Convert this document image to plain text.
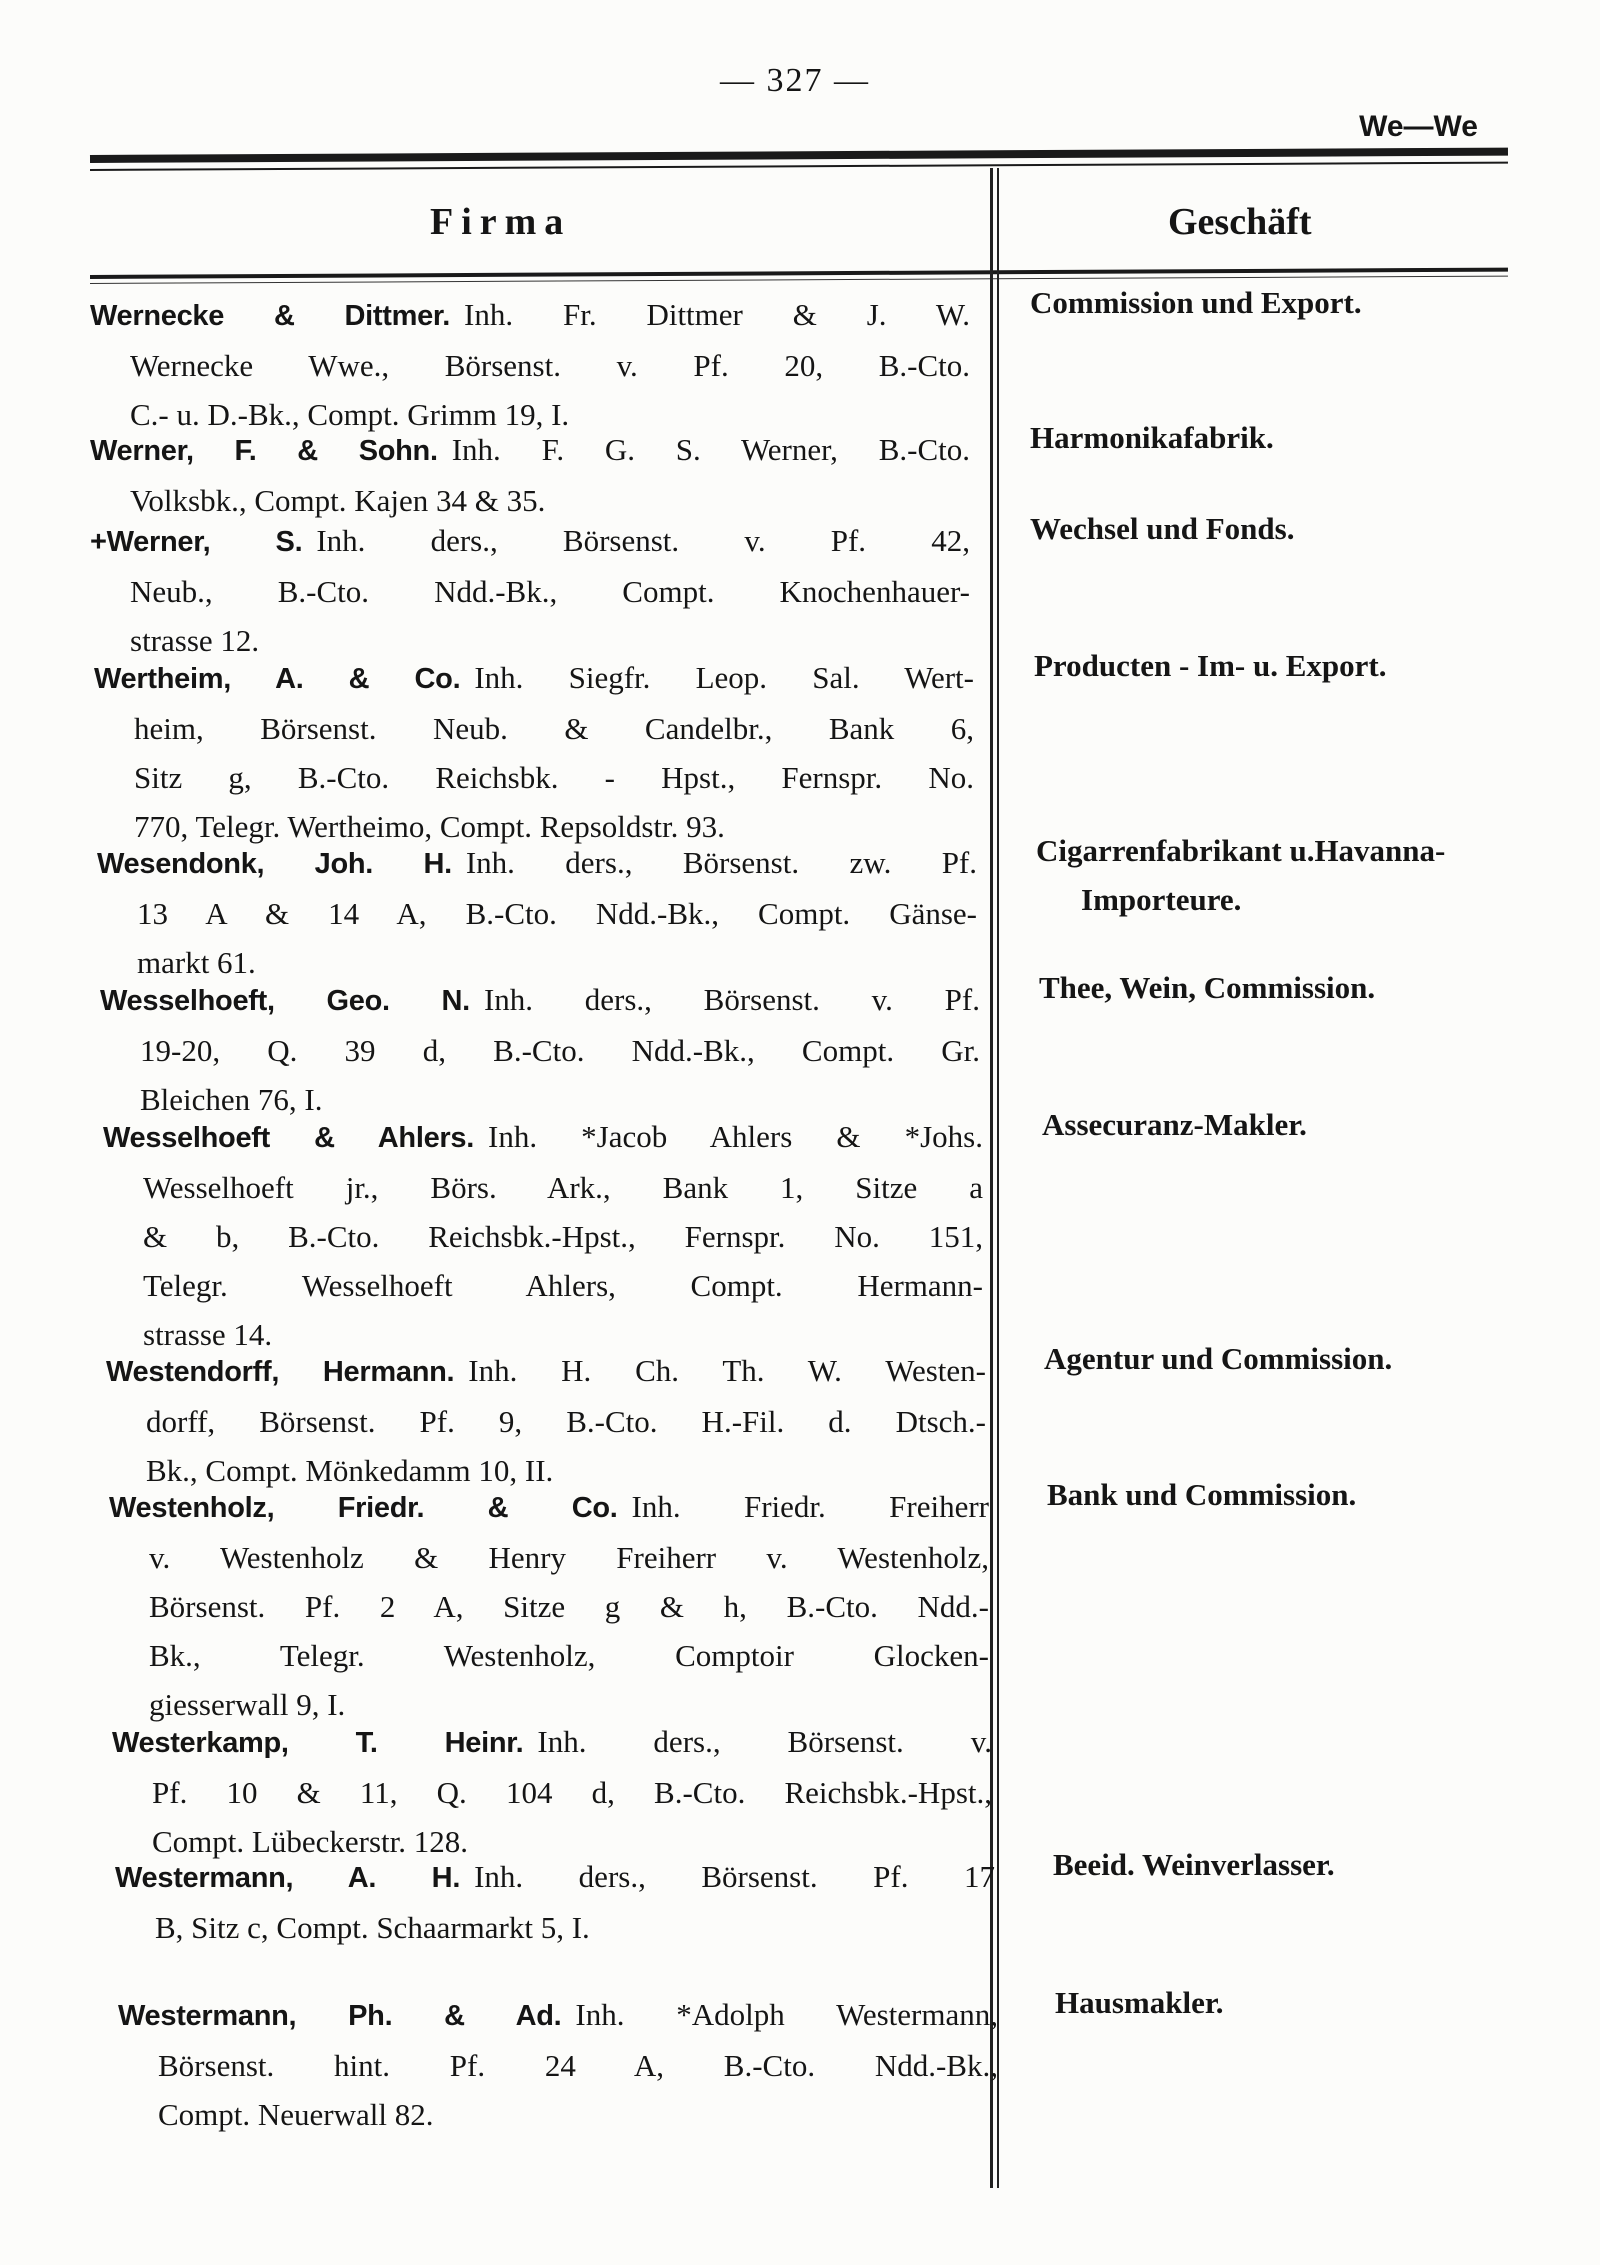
— 327 —
We—We
Firma	Geschäft
Wernecke & Dittmer. Inh. Fr. Dittmer & J. W.
Wernecke Wwe., Börsenst. v. Pf. 20, B.-Cto.
C.- u. D.-Bk., Compt. Grimm 19, I.
Commission und Export.
Werner, F. & Sohn. Inh. F. G. S. Werner, B.-Cto.
Volksbk., Compt. Kajen 34 & 35.
Harmonikafabrik.
+Werner, S. Inh. ders., Börsenst. v. Pf. 42,
Neub., B.-Cto. Ndd.-Bk., Compt. Knochenhauer-
strasse 12.
Wechsel und Fonds.
Wertheim, A. & Co. Inh. Siegfr. Leop. Sal. Wert-
heim, Börsenst. Neub. & Candelbr., Bank 6,
Sitz g, B.-Cto. Reichsbk. - Hpst., Fernspr. No.
770, Telegr. Wertheimo, Compt. Repsoldstr. 93.
Producten - Im- u. Export.
Wesendonk, Joh. H. Inh. ders., Börsenst. zw. Pf.
13 A & 14 A, B.-Cto. Ndd.-Bk., Compt. Gänse-
markt 61.
Cigarrenfabrikant u.Havanna-
Importeure.
Wesselhoeft, Geo. N. Inh. ders., Börsenst. v. Pf.
19-20, Q. 39 d, B.-Cto. Ndd.-Bk., Compt. Gr.
Bleichen 76, I.
Thee, Wein, Commission.
Wesselhoeft & Ahlers. Inh. *Jacob Ahlers & *Johs.
Wesselhoeft jr., Börs. Ark., Bank 1, Sitze a
& b, B.-Cto. Reichsbk.-Hpst., Fernspr. No. 151,
Telegr. Wesselhoeft Ahlers, Compt. Hermann-
strasse 14.
Assecuranz-Makler.
Westendorff, Hermann. Inh. H. Ch. Th. W. Westen-
dorff, Börsenst. Pf. 9, B.-Cto. H.-Fil. d. Dtsch.-
Bk., Compt. Mönkedamm 10, II.
Agentur und Commission.
Westenholz, Friedr. & Co. Inh. Friedr. Freiherr
v. Westenholz & Henry Freiherr v. Westenholz,
Börsenst. Pf. 2 A, Sitze g & h, B.-Cto. Ndd.-
Bk., Telegr. Westenholz, Comptoir Glocken-
giesserwall 9, I.
Bank und Commission.
Westerkamp, T. Heinr. Inh. ders., Börsenst. v.
Pf. 10 & 11, Q. 104 d, B.-Cto. Reichsbk.-Hpst.,
Compt. Lübeckerstr. 128.
Westermann, A. H. Inh. ders., Börsenst. Pf. 17
B, Sitz c, Compt. Schaarmarkt 5, I.
Beeid. Weinverlasser.
Westermann, Ph. & Ad. Inh. *Adolph Westermann,
Börsenst. hint. Pf. 24 A, B.-Cto. Ndd.-Bk.,
Compt. Neuerwall 82.
Hausmakler.
